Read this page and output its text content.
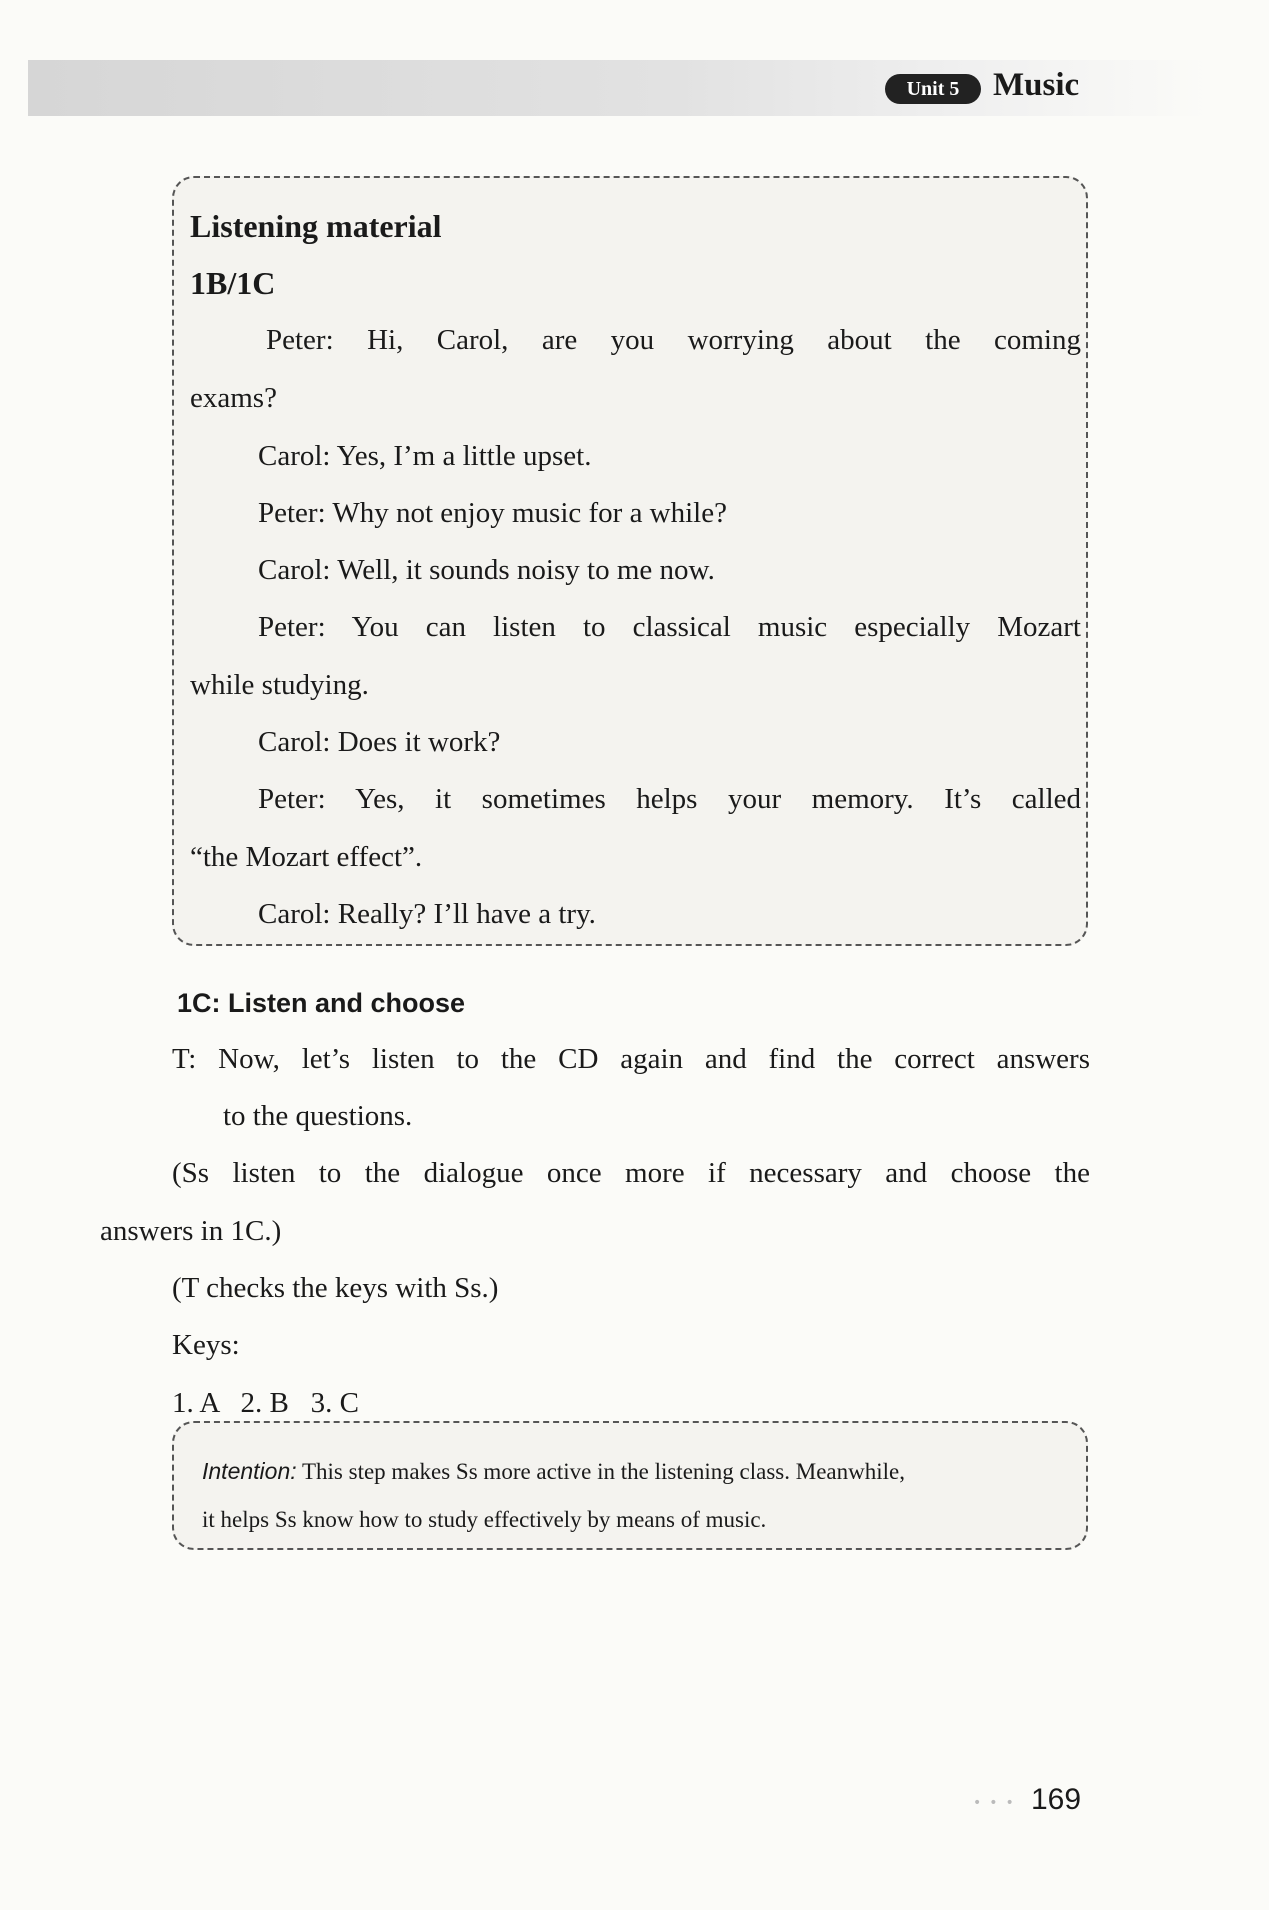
Unit 5	Music
Listening material
1B/1C
Peter: Hi, Carol, are you worrying about the coming
exams?
Carol: Yes, I’m a little upset.
Peter: Why not enjoy music for a while?
Carol: Well, it sounds noisy to me now.
Peter: You can listen to classical music especially Mozart
while studying.
Carol: Does it work?
Peter: Yes, it sometimes helps your memory. It’s called
“the Mozart effect”.
Carol: Really? I’ll have a try.
1C: Listen and choose
T: Now, let’s listen to the CD again and find the correct answers
to the questions.
(Ss listen to the dialogue once more if necessary and choose the
answers in 1C.)
(T checks the keys with Ss.)
Keys:
1. A   2. B   3. C
Intention: This step makes Ss more active in the listening class. Meanwhile,
it helps Ss know how to study effectively by means of music.
••• 169
